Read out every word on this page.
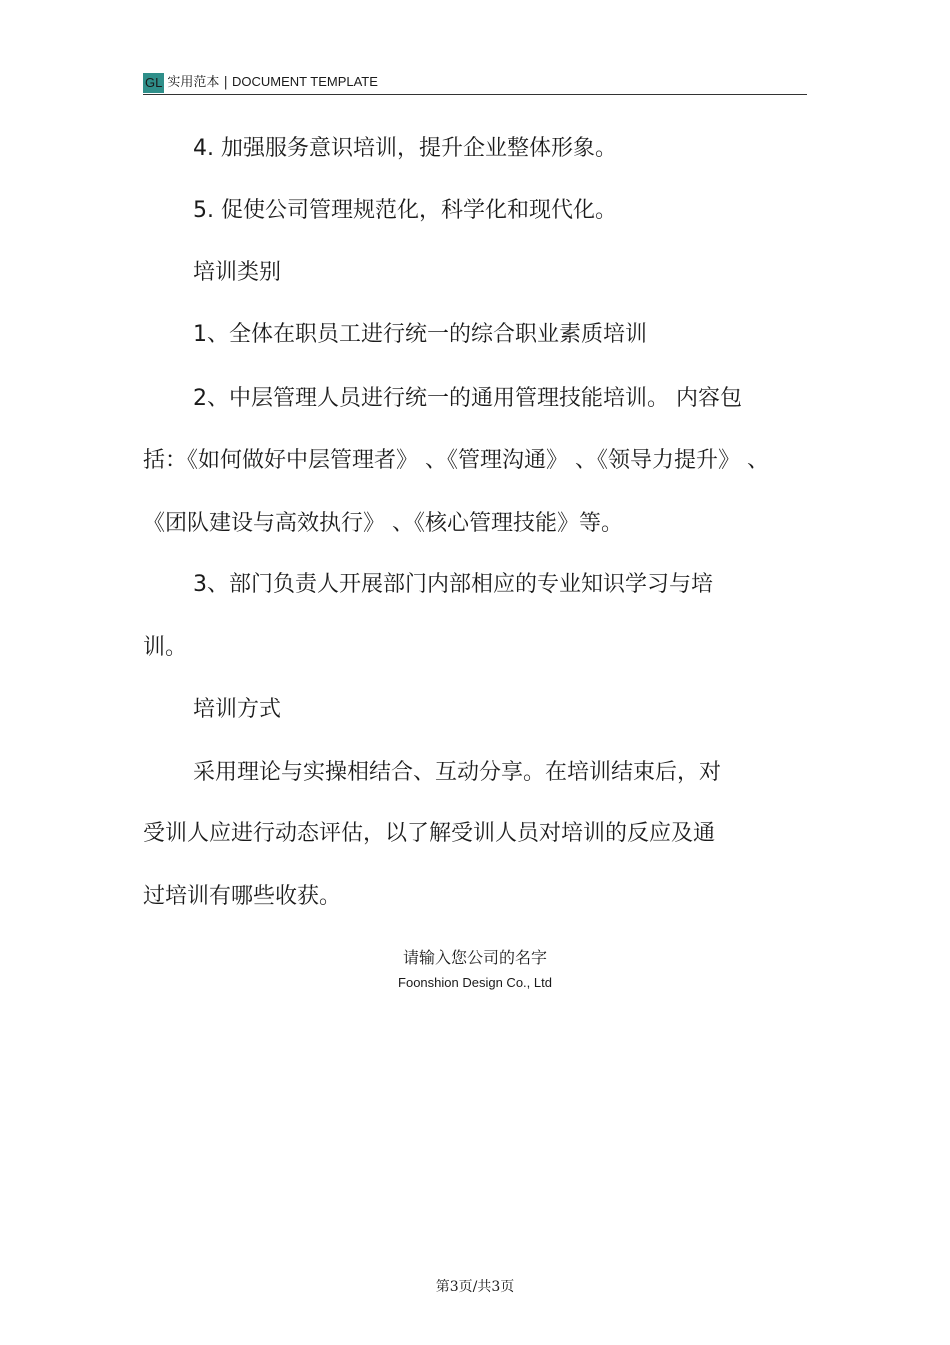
GL 实用范本 | DOCUMENT TEMPLATE
4. 加强服务意识培训，提升企业整体形象。
5. 促使公司管理规范化，科学化和现代化。
培训类别
1、全体在职员工进行统一的综合职业素质培训
2、中层管理人员进行统一的通用管理技能培训。 内容包
括：《如何做好中层管理者》 、《管理沟通》 、《领导力提升》 、
《团队建设与高效执行》 、《核心管理技能》等。
3、部门负责人开展部门内部相应的专业知识学习与培
训。
培训方式
采用理论与实操相结合、互动分享。在培训结束后，对
受训人应进行动态评估，以了解受训人员对培训的反应及通
过培训有哪些收获。
请输入您公司的名字
Foonshion Design Co., Ltd
第3页/共3页
